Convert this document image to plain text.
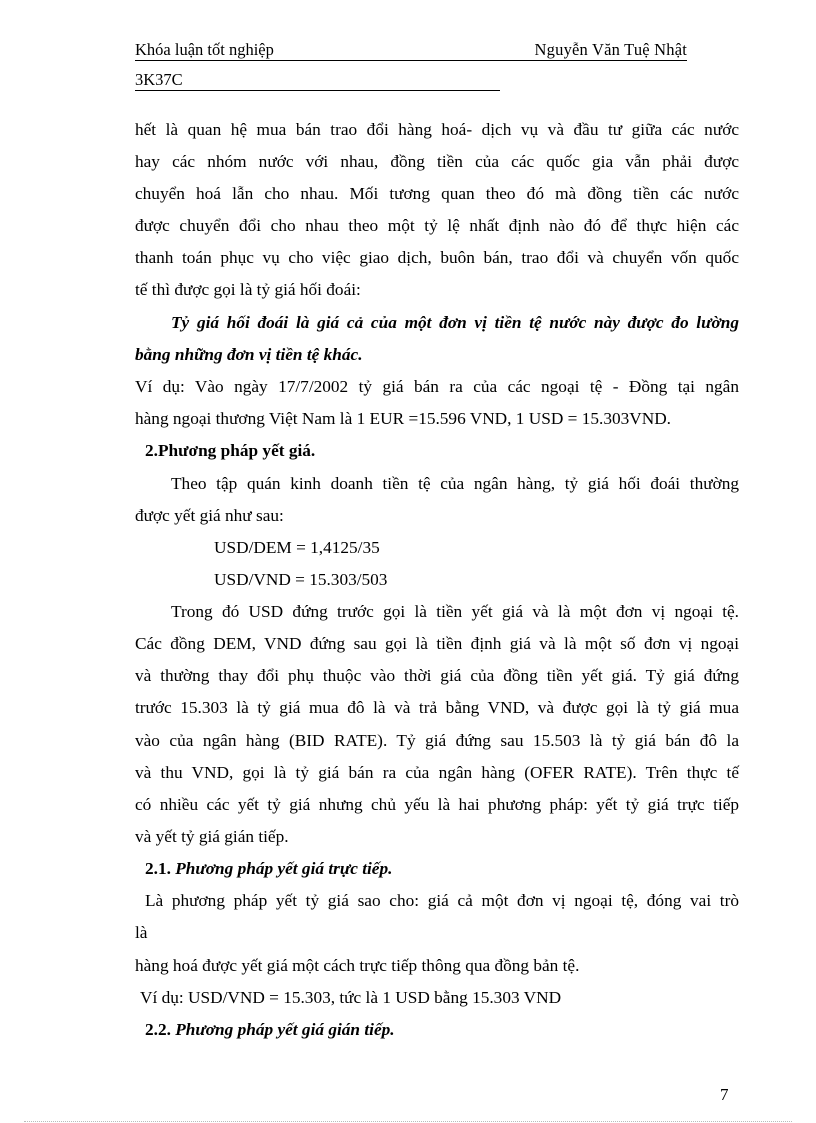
Khóa luận tốt nghiệp

	Nguyễn Văn Tuệ Nhật

3K37C

hết là quan hệ mua bán trao đổi hàng hoá- dịch vụ và đầu tư giữa các nước
hay các nhóm nước với nhau, đồng tiền của các quốc gia vẫn phải được
chuyển hoá lẫn cho nhau. Mối tương quan theo đó mà đồng tiền các nước
được chuyển đổi cho nhau theo một tỷ lệ nhất định nào đó để thực hiện các
thanh toán phục vụ cho việc giao dịch, buôn bán, trao đổi và chuyển vốn quốc
tế thì được gọi là tỷ giá hối đoái:
Tỷ giá hối đoái là giá cả của một đơn vị tiền tệ nước này được đo lường
bằng những đơn vị tiền tệ khác.
Ví dụ: Vào ngày 17/7/2002 tỷ giá bán ra của các ngoại tệ - Đồng tại ngân
hàng ngoại thương Việt Nam là 1 EUR =15.596 VND, 1 USD = 15.303VND.
2.Phương pháp yết giá.
Theo tập quán kinh doanh tiền tệ của ngân hàng, tỷ giá hối đoái thường
được yết giá như sau:
USD/DEM = 1,4125/35
USD/VND = 15.303/503
Trong đó USD đứng trước gọi là tiền yết giá và là một đơn vị ngoại tệ.
Các đồng DEM, VND đứng sau gọi là tiền định giá và là một số đơn vị ngoại
và thường thay đổi phụ thuộc vào thời giá của đồng tiền yết giá. Tỷ giá đứng
trước 15.303 là tỷ giá mua đô là và trả bằng VND, và được gọi là tỷ giá mua
vào của ngân hàng (BID RATE). Tỷ giá đứng sau 15.503 là tỷ giá bán đô la
và thu VND, gọi là tỷ giá bán ra của ngân hàng (OFER RATE). Trên thực tế
có nhiều các yết tỷ giá nhưng chủ yếu là hai phương pháp: yết tỷ giá trực tiếp
và yết tỷ giá gián tiếp.
2.1. Phương pháp yết giá trực tiếp.
Là phương pháp yết tỷ giá sao cho: giá cả một đơn vị ngoại tệ, đóng vai trò
là
hàng hoá được yết giá một cách trực tiếp thông qua đồng bản tệ.
Ví dụ: USD/VND = 15.303, tức là 1 USD bằng 15.303 VND
2.2. Phương pháp yết giá gián tiếp.
7
